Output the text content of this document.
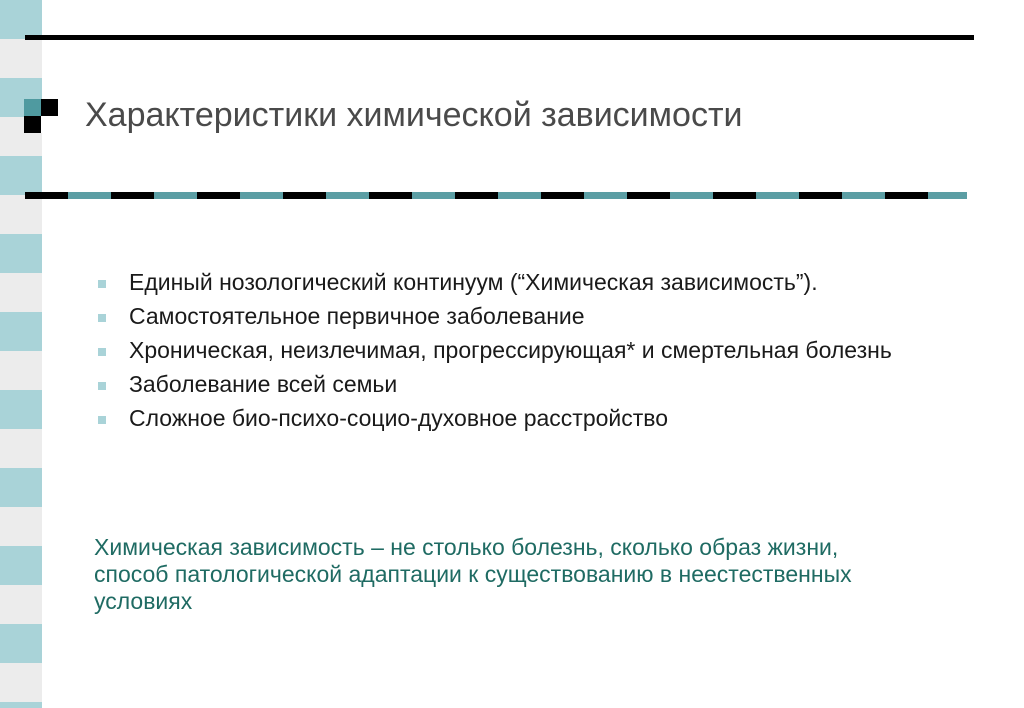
Характеристики химической зависимости
Единый нозологический континуум (“Химическая зависимость”).
Самостоятельное первичное заболевание
Хроническая, неизлечимая, прогрессирующая* и смертельная болезнь
Заболевание всей семьи
Сложное био-психо-социо-духовное расстройство

Химическая зависимость – не столько болезнь, сколько образ жизни, способ патологической адаптации к существованию в неестественных условиях
